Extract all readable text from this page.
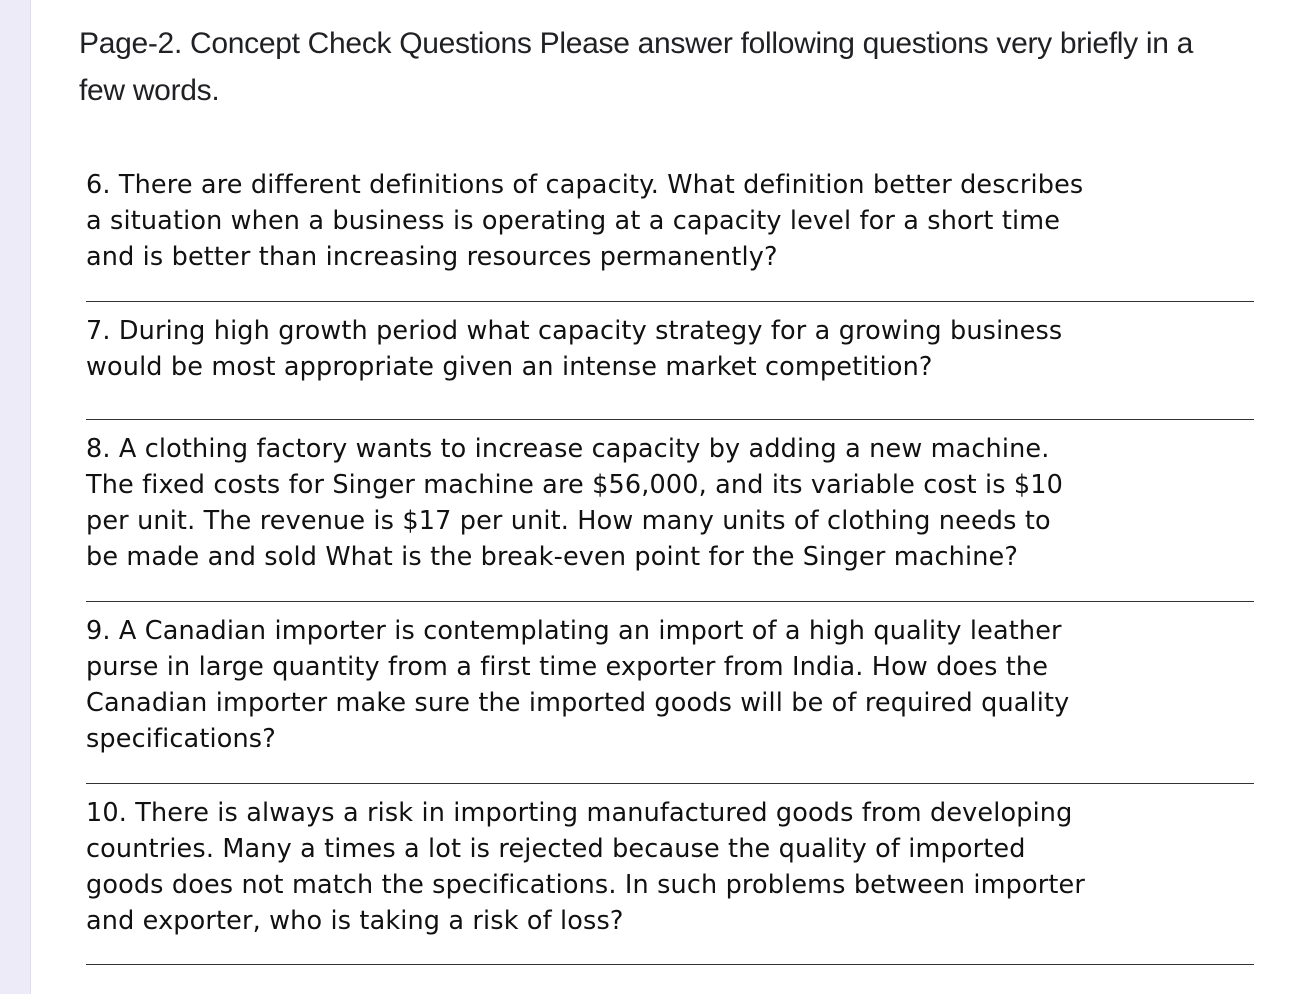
Page-2. Concept Check Questions Please answer following questions very briefly in a few words.
6. There are different definitions of capacity. What definition better describes
a situation when a business is operating at a capacity level for a short time
and is better than increasing resources permanently?
7. During high growth period what capacity strategy for a growing business
would be most appropriate given an intense market competition?
8. A clothing factory wants to increase capacity by adding a new machine.
The fixed costs for Singer machine are $56,000, and its variable cost is $10
per unit. The revenue is $17 per unit. How many units of clothing needs to
be made and sold What is the break-even point for the Singer machine?
9. A Canadian importer is contemplating an import of a high quality leather
purse in large quantity from a first time exporter from India. How does the
Canadian importer make sure the imported goods will be of required quality
specifications?
10. There is always a risk in importing manufactured goods from developing
countries. Many a times a lot is rejected because the quality of imported
goods does not match the specifications. In such problems between importer
and exporter, who is taking a risk of loss?
